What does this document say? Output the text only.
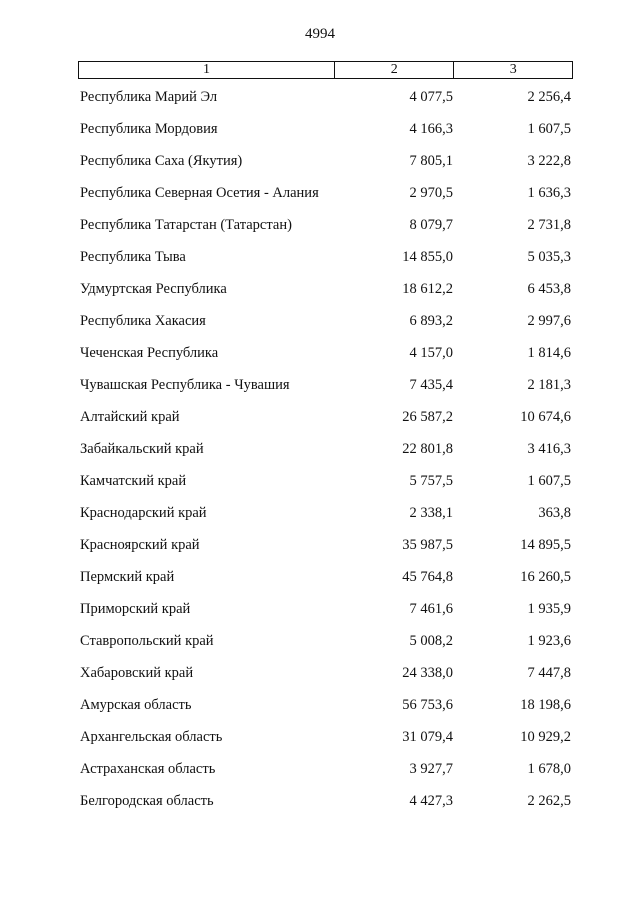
4994
1	2	3
Республика Марий Эл	4 077,5	2 256,4
Республика Мордовия	4 166,3	1 607,5
Республика Саха (Якутия)	7 805,1	3 222,8
Республика Северная Осетия - Алания	2 970,5	1 636,3
Республика Татарстан (Татарстан)	8 079,7	2 731,8
Республика Тыва	14 855,0	5 035,3
Удмуртская Республика	18 612,2	6 453,8
Республика Хакасия	6 893,2	2 997,6
Чеченская Республика	4 157,0	1 814,6
Чувашская Республика - Чувашия	7 435,4	2 181,3
Алтайский край	26 587,2	10 674,6
Забайкальский край	22 801,8	3 416,3
Камчатский край	5 757,5	1 607,5
Краснодарский край	2 338,1	363,8
Красноярский край	35 987,5	14 895,5
Пермский край	45 764,8	16 260,5
Приморский край	7 461,6	1 935,9
Ставропольский край	5 008,2	1 923,6
Хабаровский край	24 338,0	7 447,8
Амурская область	56 753,6	18 198,6
Архангельская область	31 079,4	10 929,2
Астраханская область	3 927,7	1 678,0
Белгородская область	4 427,3	2 262,5
